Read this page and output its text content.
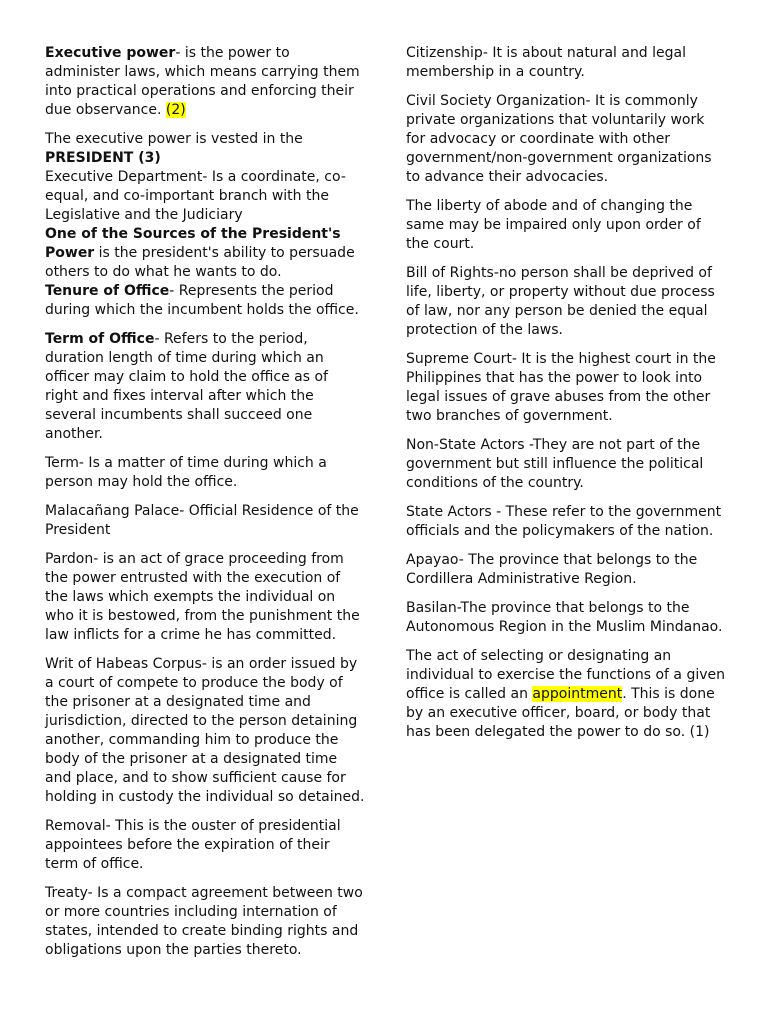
Executive power- is the power to administer laws, which means carrying them into practical operations and enforcing their due observance. (2)

The executive power is vested in the
PRESIDENT (3)

Executive Department- Is a coordinate, co-equal, and co-important branch with the Legislative and the Judiciary

One of the Sources of the President's Power is the president's ability to persuade others to do what he wants to do.

Tenure of Office- Represents the period during which the incumbent holds the office.

Term of Office- Refers to the period, duration length of time during which an officer may claim to hold the office as of right and fixes interval after which the several incumbents shall succeed one another.

Term- Is a matter of time during which a person may hold the office.

Malacañang Palace- Official Residence of the President

Pardon- is an act of grace proceeding from the power entrusted with the execution of the laws which exempts the individual on who it is bestowed, from the punishment the law inflicts for a crime he has committed.

Writ of Habeas Corpus- is an order issued by a court of compete to produce the body of the prisoner at a designated time and jurisdiction, directed to the person detaining another, commanding him to produce the body of the prisoner at a designated time and place, and to show sufficient cause for holding in custody the individual so detained.

Removal- This is the ouster of presidential appointees before the expiration of their term of office.

Treaty- Is a compact agreement between two or more countries including internation of states, intended to create binding rights and obligations upon the parties thereto.

Citizenship- It is about natural and legal membership in a country.

Civil Society Organization- It is commonly private organizations that voluntarily work for advocacy or coordinate with other government/non-government organizations to advance their advocacies.

The liberty of abode and of changing the same may be impaired only upon order of the court.

Bill of Rights-no person shall be deprived of life, liberty, or property without due process of law, nor any person be denied the equal protection of the laws.

Supreme Court- It is the highest court in the Philippines that has the power to look into legal issues of grave abuses from the other two branches of government.

Non-State Actors -They are not part of the government but still influence the political conditions of the country.

State Actors - These refer to the government officials and the policymakers of the nation.

Apayao- The province that belongs to the Cordillera Administrative Region.

Basilan-The province that belongs to the Autonomous Region in the Muslim Mindanao.

The act of selecting or designating an individual to exercise the functions of a given office is called an appointment. This is done by an executive officer, board, or body that has been delegated the power to do so. (1)
